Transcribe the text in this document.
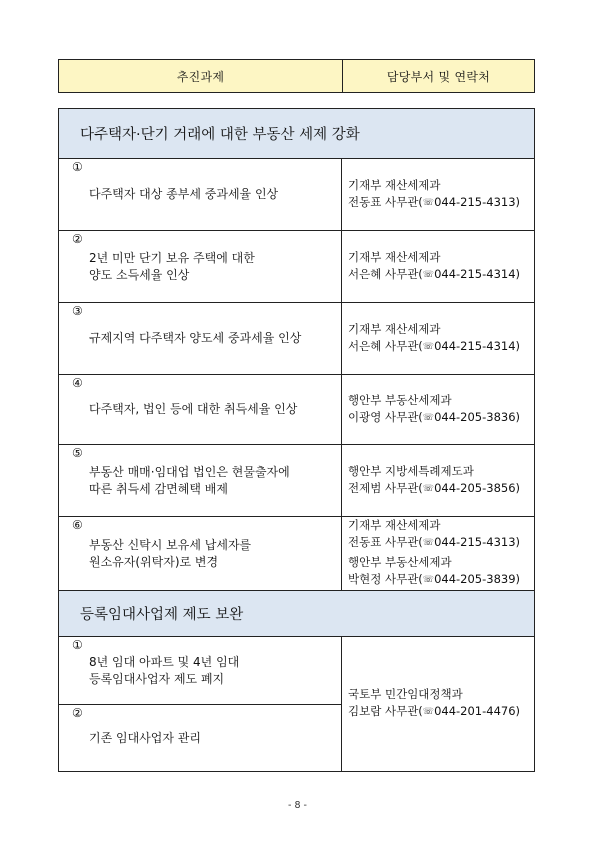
추진과제	담당부서 및 연락처
다주택자·단기 거래에 대한 부동산 세제 강화
①
다주택자 대상 종부세 중과세율 인상
기재부 재산세제과
전동표 사무관(☏044-215-4313)
②
2년 미만 단기 보유 주택에 대한
양도 소득세율 인상
기재부 재산세제과
서은혜 사무관(☏044-215-4314)
③
규제지역 다주택자 양도세 중과세율 인상
기재부 재산세제과
서은혜 사무관(☏044-215-4314)
④
다주택자, 법인 등에 대한 취득세율 인상
행안부 부동산세제과
이광영 사무관(☏044-205-3836)
⑤
부동산 매매·임대업 법인은 현물출자에
따른 취득세 감면혜택 배제
행안부 지방세특례제도과
전제범 사무관(☏044-205-3856)
⑥
부동산 신탁시 보유세 납세자를
원소유자(위탁자)로 변경
기재부 재산세제과
전동표 사무관(☏044-215-4313)
행안부 부동산세제과
박현정 사무관(☏044-205-3839)
등록임대사업제 제도 보완
①
8년 임대 아파트 및 4년 임대
등록임대사업자 제도 폐지
②
기존 임대사업자 관리
국토부 민간임대정책과
김보람 사무관(☏044-201-4476)
- 8 -
